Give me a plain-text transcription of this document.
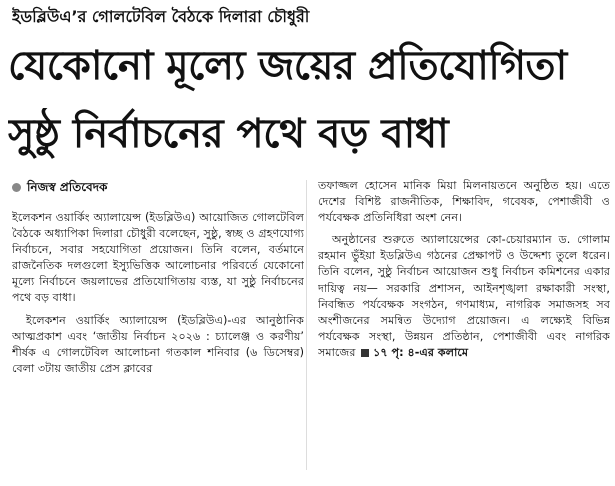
ইডব্লিউএ’র গোলটেবিল বৈঠকে দিলারা চৌধুরী
যেকোনো মূল্যে জয়ের প্রতিযোগিতা
সুষ্ঠু নির্বাচনের পথে বড় বাধা
নিজস্ব প্রতিবেদক

ইলেকশন ওয়ার্কিং অ্যালায়েন্স (ইডব্লিউএ) আয়োজিত গোলটেবিল বৈঠকে অধ্যাপিকা দিলারা চৌধুরী বলেছেন, সুষ্ঠু, স্বচ্ছ ও গ্রহণযোগ্য নির্বাচনে, সবার সহযোগিতা প্রয়োজন। তিনি বলেন, বর্তমানে রাজনৈতিক দলগুলো ইস্যুভিত্তিক আলোচনার পরিবর্তে যেকোনো মূল্যে নির্বাচনে জয়লাভের প্রতিযোগিতায় ব্যস্ত, যা সুষ্ঠু নির্বাচনের পথে বড় বাধা।

ইলেকশন ওয়ার্কিং অ্যালায়েন্স (ইডব্লিউএ)-এর আনুষ্ঠানিক আত্মপ্রকাশ এবং ‘জাতীয় নির্বাচন ২০২৬ : চ্যালেঞ্জ ও করণীয়’ শীর্ষক এ গোলটেবিল আলোচনা গতকাল শনিবার (৬ ডিসেম্বর) বেলা ৩টায় জাতীয় প্রেস ক্লাবের

তফাজ্জল হোসেন মানিক মিয়া মিলনায়তনে অনুষ্ঠিত হয়। এতে দেশের বিশিষ্ট রাজনীতিক, শিক্ষাবিদ, গবেষক, পেশাজীবী ও পর্যবেক্ষক প্রতিনিধিরা অংশ নেন।

অনুষ্ঠানের শুরুতে অ্যালায়েন্সের কো-চেয়ারম্যান ড. গোলাম রহমান ভুঁইয়া ইডব্লিউএ গঠনের প্রেক্ষাপট ও উদ্দেশ্য তুলে ধরেন। তিনি বলেন, সুষ্ঠু নির্বাচন আয়োজন শুধু নির্বাচন কমিশনের একার দায়িত্ব নয়— সরকারি প্রশাসন, আইনশৃঙ্খলা রক্ষাকারী সংস্থা, নিবন্ধিত পর্যবেক্ষক সংগঠন, গণমাধ্যম, নাগরিক সমাজসহ সব অংশীজনের সমন্বিত উদ্যোগ প্রয়োজন। এ লক্ষ্যেই বিভিন্ন পর্যবেক্ষক সংস্থা, উন্নয়ন প্রতিষ্ঠান, পেশাজীবী এবং নাগরিক সমাজের ১৭ পৃ: ৪-এর কলামে
